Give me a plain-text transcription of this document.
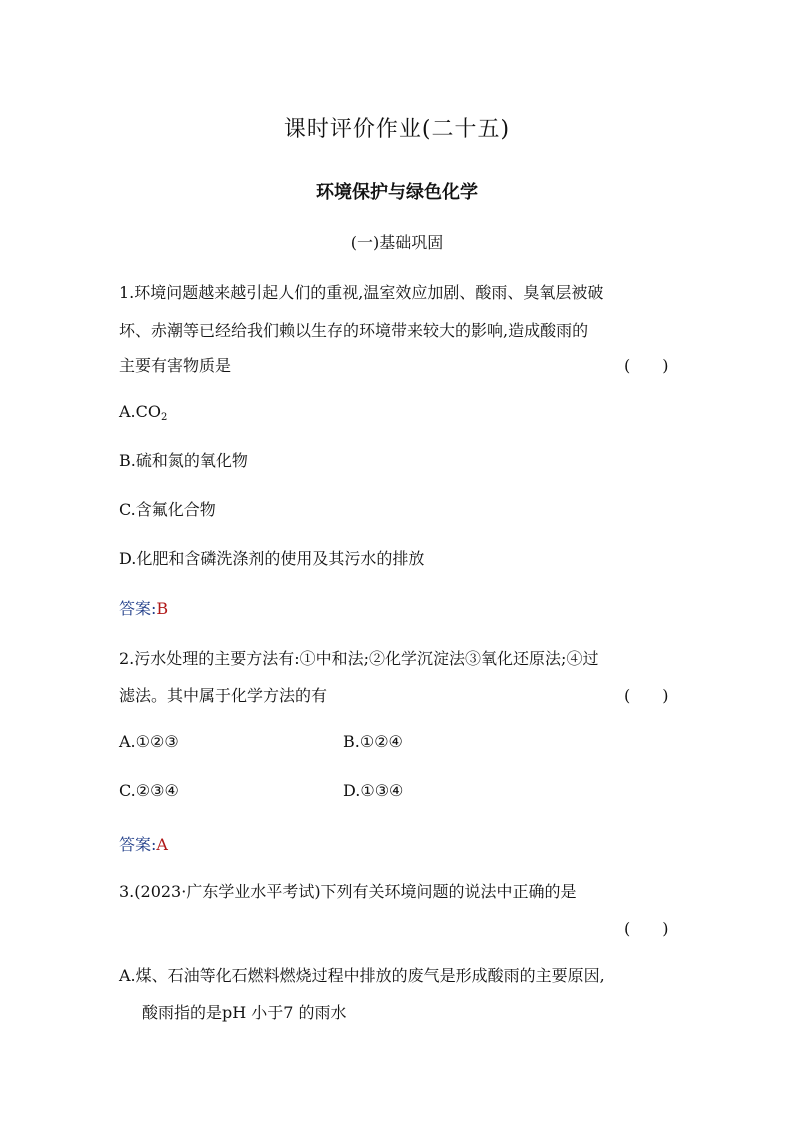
课时评价作业(二十五)
环境保护与绿色化学
(一)基础巩固
1.环境问题越来越引起人们的重视,温室效应加剧、酸雨、臭氧层被破
坏、赤潮等已经给我们赖以生存的环境带来较大的影响,造成酸雨的
主要有害物质是	(　　)
$A.CO_2$
B.硫和氮的氧化物
C.含氟化合物
D.化肥和含磷洗涤剂的使用及其污水的排放
答案:B
2.污水处理的主要方法有:①中和法;②化学沉淀法③氧化还原法;④过
滤法。其中属于化学方法的有	(　　)
A.①②③	B.①②④
C.②③④	D.①③④
答案:A
3.(2023·广东学业水平考试)下列有关环境问题的说法中正确的是
(　　)
A.煤、石油等化石燃料燃烧过程中排放的废气是形成酸雨的主要原因,
酸雨指的是pH 小于7 的雨水
